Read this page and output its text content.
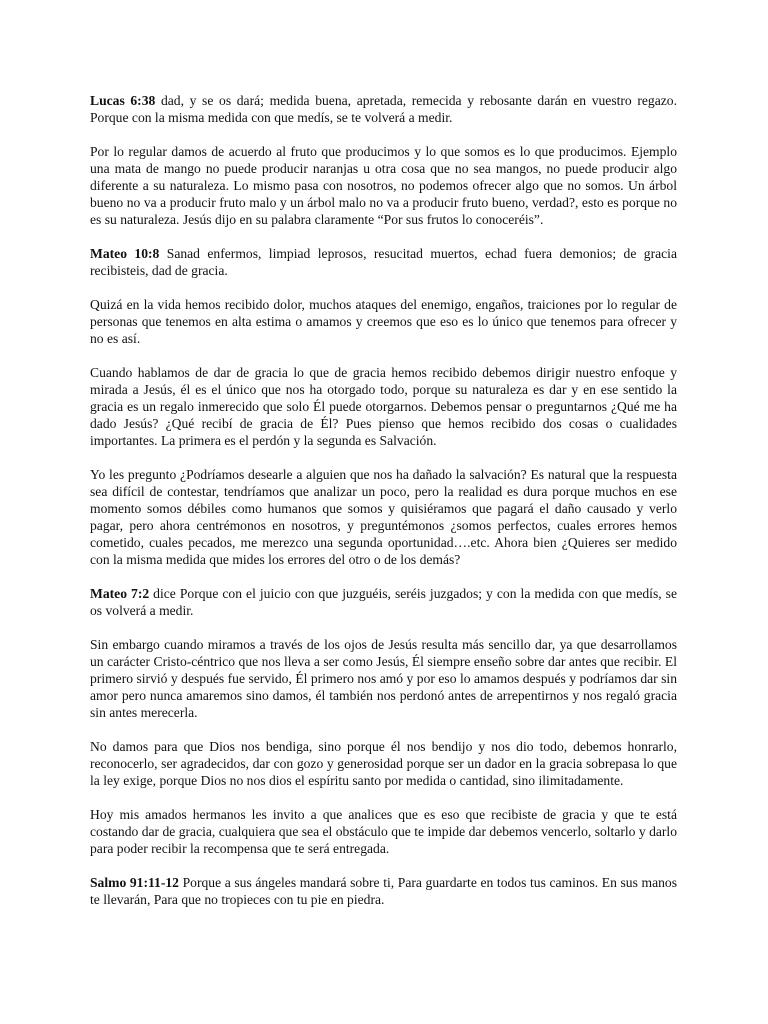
Lucas 6:38 dad, y se os dará; medida buena, apretada, remecida y rebosante darán en vuestro regazo. Porque con la misma medida con que medís, se te volverá a medir.

Por lo regular damos de acuerdo al fruto que producimos y lo que somos es lo que producimos. Ejemplo una mata de mango no puede producir naranjas u otra cosa que no sea mangos, no puede producir algo diferente a su naturaleza. Lo mismo pasa con nosotros, no podemos ofrecer algo que no somos. Un árbol bueno no va a producir fruto malo y un árbol malo no va a producir fruto bueno, verdad?, esto es porque no es su naturaleza. Jesús dijo en su palabra claramente “Por sus frutos lo conoceréis”.

Mateo 10:8 Sanad enfermos, limpiad leprosos, resucitad muertos, echad fuera demonios; de gracia recibisteis, dad de gracia.

Quizá en la vida hemos recibido dolor, muchos ataques del enemigo, engaños, traiciones por lo regular de personas que tenemos en alta estima o amamos y creemos que eso es lo único que tenemos para ofrecer y no es así.

Cuando hablamos de dar de gracia lo que de gracia hemos recibido debemos dirigir nuestro enfoque y mirada a Jesús, él es el único que nos ha otorgado todo, porque su naturaleza es dar y en ese sentido la gracia es un regalo inmerecido que solo Él puede otorgarnos. Debemos pensar o preguntarnos ¿Qué me ha dado Jesús? ¿Qué recibí de gracia de Él? Pues pienso que hemos recibido dos cosas o cualidades importantes. La primera es el perdón y la segunda es Salvación.

Yo les pregunto ¿Podríamos desearle a alguien que nos ha dañado la salvación? Es natural que la respuesta sea difícil de contestar, tendríamos que analizar un poco, pero la realidad es dura porque muchos en ese momento somos débiles como humanos que somos y quisiéramos que pagará el daño causado y verlo pagar, pero ahora centrémonos en nosotros, y preguntémonos ¿somos perfectos, cuales errores hemos cometido, cuales pecados, me merezco una segunda oportunidad….etc. Ahora bien ¿Quieres ser medido con la misma medida que mides los errores del otro o de los demás?

Mateo 7:2 dice Porque con el juicio con que juzguéis, seréis juzgados; y con la medida con que medís, se os volverá a medir.

Sin embargo cuando miramos a través de los ojos de Jesús resulta más sencillo dar, ya que desarrollamos un carácter Cristo-céntrico que nos lleva a ser como Jesús, Él siempre enseño sobre dar antes que recibir. El primero sirvió y después fue servido, Él primero nos amó y por eso lo amamos después y podríamos dar sin amor pero nunca amaremos sino damos, él también nos perdonó antes de arrepentirnos y nos regaló gracia sin antes merecerla.

No damos para que Dios nos bendiga, sino porque él nos bendijo y nos dio todo, debemos honrarlo, reconocerlo, ser agradecidos, dar con gozo y generosidad porque ser un dador en la gracia sobrepasa lo que la ley exige, porque Dios no nos dios el espíritu santo por medida o cantidad, sino ilimitadamente.

Hoy mis amados hermanos les invito a que analices que es eso que recibiste de gracia y que te está costando dar de gracia, cualquiera que sea el obstáculo que te impide dar debemos vencerlo, soltarlo y darlo para poder recibir la recompensa que te será entregada.

Salmo 91:11-12 Porque a sus ángeles mandará sobre ti, Para guardarte en todos tus caminos. En sus manos te llevarán, Para que no tropieces con tu pie en piedra.
